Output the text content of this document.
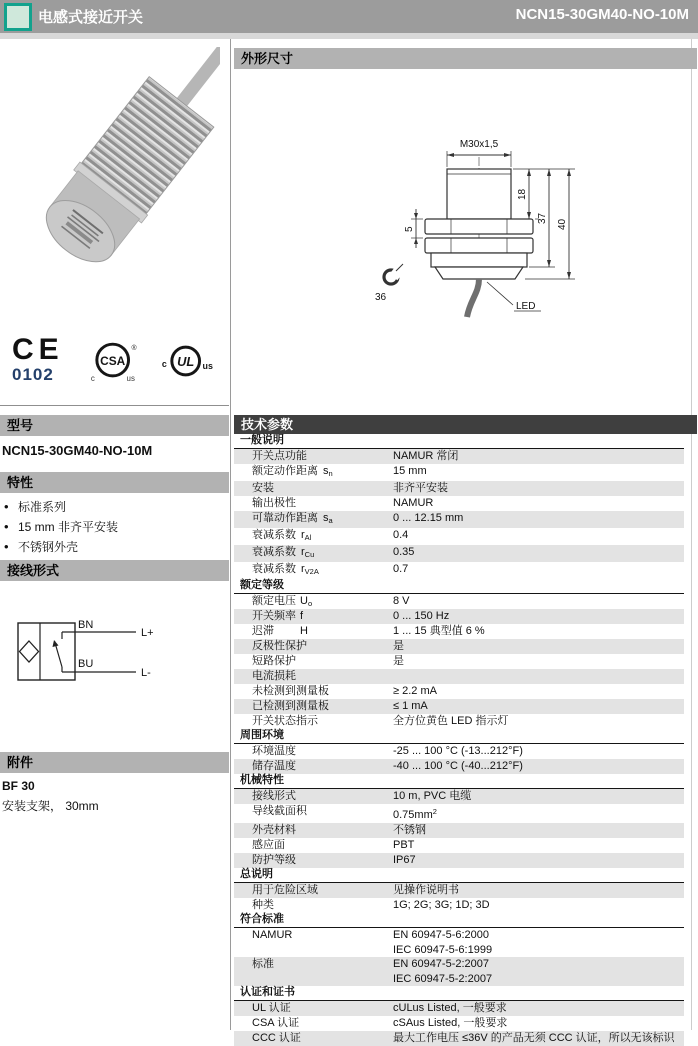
电感式接近开关	NCN15-30GM40-NO-10M
CE
0102
CSA
®
c	us
UL
c	us
型号
NCN15-30GM40-NO-10M
特性
• 标准系列
• 15 mm 非齐平安装
• 不锈钢外壳
接线形式
BN
BU
L+
L-
附件
BF 30
安装支架， 30mm
外形尺寸
M30x1,5
18
37
40
5
36
LED
技术参数
一般说明
开关点功能	NAMUR 常闭
额定动作距离 $s_n$	15 mm
安装	非齐平安装
输出极性	NAMUR
可靠动作距离 $s_a$	0 ... 12.15 mm
衰减系数 $r_{Al}$	0.4
衰减系数 $r_{Cu}$	0.35
衰减系数 $r_{V2A}$	0.7
额定等级
额定电压 $U_o$	8 V
开关频率 f	0 ... 150 Hz
迟滞 H	1 ... 15 典型值 6 %
反极性保护	是
短路保护	是
电流损耗
未检测到测量板	≥ 2.2 mA
已检测到测量板	≤ 1 mA
开关状态指示	全方位黄色 LED 指示灯
周围环境
环境温度	-25 ... 100 °C (-13...212°F)
储存温度	-40 ... 100 °C (-40...212°F)
机械特性
接线形式	10 m, PVC 电缆
导线截面积	$0.75mm^2$
外壳材料	不锈钢
感应面	PBT
防护等级	IP67
总说明
用于危险区域	见操作说明书
种类	1G; 2G; 3G; 1D; 3D
符合标准
NAMUR	EN 60947-5-6:2000
IEC 60947-5-6:1999
标准	EN 60947-5-2:2007
IEC 60947-5-2:2007
认证和证书
UL 认证	cULus Listed, 一般要求
CSA 认证	cSAus Listed, 一般要求
CCC 认证	最大工作电压 ≤36V 的产品无须 CCC 认证，所以无该标识
